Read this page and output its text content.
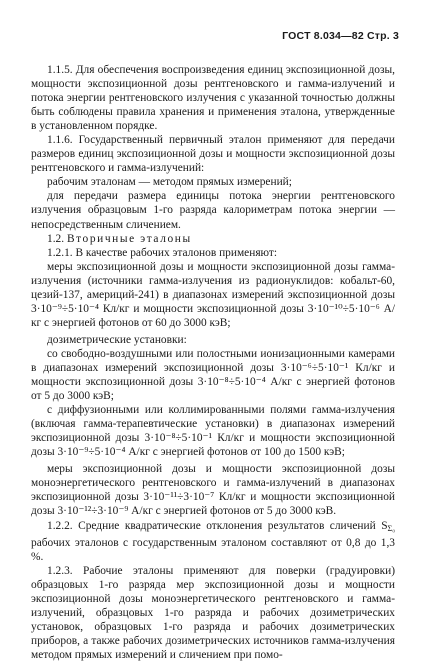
ГОСТ 8.034—82 Стр. 3

1.1.5. Для обеспечения воспроизведения единиц экспозиционной дозы, мощности экспозиционной дозы рентгеновского и гамма-излучений и потока энергии рентгеновского излучения с указанной точностью должны быть соблюдены правила хранения и применения эталона, утвержденные в установленном порядке.

1.1.6. Государственный первичный эталон применяют для передачи размеров единиц экспозиционной дозы и мощности экспозиционной дозы рентгеновского и гамма-излучений:

рабочим эталонам — методом прямых измерений;

для передачи размера единицы потока энергии рентгеновского излучения образцовым 1-го разряда калориметрам потока энергии — непосредственным сличением.

1.2. Вторичные эталоны

1.2.1. В качестве рабочих эталонов применяют:

меры экспозиционной дозы и мощности экспозиционной дозы гамма-излучения (источники гамма-излучения из радионуклидов: кобальт-60, цезий-137, америций-241) в диапазонах измерений экспозиционной дозы 3·10⁻⁹÷5·10⁻⁴ Кл/кг и мощности экспозиционной дозы 3·10⁻¹⁰÷5·10⁻⁶ А/кг с энергией фотонов от 60 до 3000 кэВ;

дозиметрические установки:

со свободно-воздушными или полостными ионизационными камерами в диапазонах измерений экспозиционной дозы 3·10⁻⁶÷5·10⁻¹ Кл/кг и мощности экспозиционной дозы 3·10⁻⁸÷5·10⁻⁴ А/кг с энергией фотонов от 5 до 3000 кэВ;

с диффузионными или коллимированными полями гамма-излучения (включая гамма-терапевтические установки) в диапазонах измерений экспозиционной дозы 3·10⁻⁸÷5·10⁻¹ Кл/кг и мощности экспозиционной дозы 3·10⁻⁹÷5·10⁻⁴ А/кг с энергией фотонов от 100 до 1500 кэВ;

меры экспозиционной дозы и мощности экспозиционной дозы моноэнергетического рентгеновского и гамма-излучений в диапазонах экспозиционной дозы 3·10⁻¹¹÷3·10⁻⁷ Кл/кг и мощности экспозиционной дозы 3·10⁻¹²÷3·10⁻⁹ А/кг с энергией фотонов от 5 до 3000 кэВ.

1.2.2. Средние квадратические отклонения результатов сличений $S_{\Sigma_0}$ рабочих эталонов с государственным эталоном составляют от 0,8 до 1,3 %.

1.2.3. Рабочие эталоны применяют для поверки (градуировки) образцовых 1-го разряда мер экспозиционной дозы и мощности экспозиционной дозы моноэнергетического рентгеновского и гамма-излучений, образцовых 1-го разряда и рабочих дозиметрических установок, образцовых 1-го разряда и рабочих дозиметрических приборов, а также рабочих дозиметрических источников гамма-излучения методом прямых измерений и сличением при помо-
